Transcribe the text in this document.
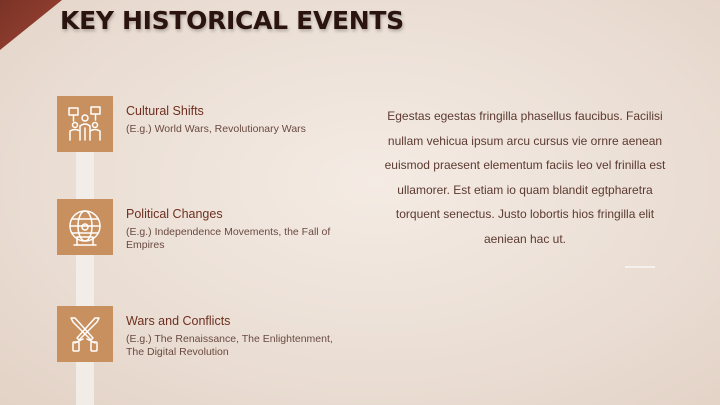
KEY HISTORICAL EVENTS
Cultural Shifts
(E.g.) World Wars, Revolutionary Wars
Political Changes
(E.g.) Independence Movements, the Fall of Empires
Wars and Conflicts
(E.g.) The Renaissance, The Enlightenment, The Digital Revolution
Egestas egestas fringilla phasellus faucibus. Facilisi nullam vehicua ipsum arcu cursus vie ornre aenean euismod praesent elementum faciis leo vel frinilla est ullamorer. Est etiam io quam blandit egtpharetra torquent senectus. Justo lobortis hios fringilla elit aeniean hac ut.
